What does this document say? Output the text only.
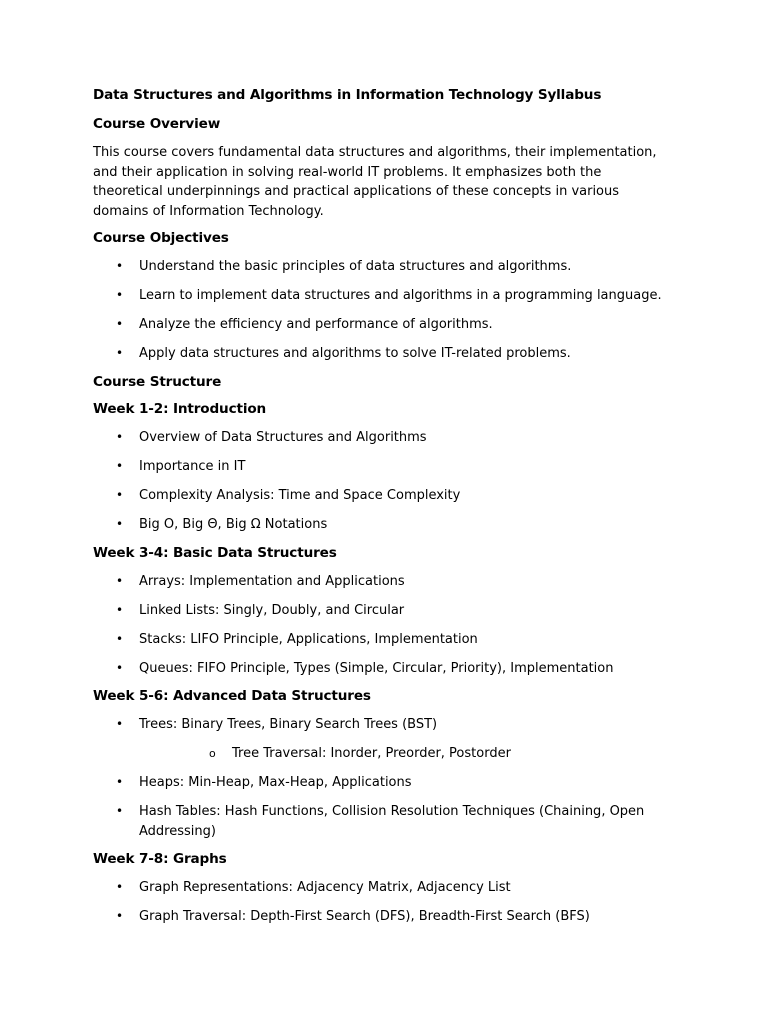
Data Structures and Algorithms in Information Technology Syllabus
Course Overview

This course covers fundamental data structures and algorithms, their implementation, and their application in solving real-world IT problems. It emphasizes both the theoretical underpinnings and practical applications of these concepts in various domains of Information Technology.

Course Objectives
• Understand the basic principles of data structures and algorithms.
• Learn to implement data structures and algorithms in a programming language.
• Analyze the efficiency and performance of algorithms.
• Apply data structures and algorithms to solve IT-related problems.
Course Structure
Week 1-2: Introduction
• Overview of Data Structures and Algorithms
• Importance in IT
• Complexity Analysis: Time and Space Complexity
• Big O, Big Θ, Big Ω Notations
Week 3-4: Basic Data Structures
• Arrays: Implementation and Applications
• Linked Lists: Singly, Doubly, and Circular
• Stacks: LIFO Principle, Applications, Implementation
• Queues: FIFO Principle, Types (Simple, Circular, Priority), Implementation
Week 5-6: Advanced Data Structures
• Trees: Binary Trees, Binary Search Trees (BST)
o Tree Traversal: Inorder, Preorder, Postorder
• Heaps: Min-Heap, Max-Heap, Applications
• Hash Tables: Hash Functions, Collision Resolution Techniques (Chaining, Open Addressing)
Week 7-8: Graphs
• Graph Representations: Adjacency Matrix, Adjacency List
• Graph Traversal: Depth-First Search (DFS), Breadth-First Search (BFS)
